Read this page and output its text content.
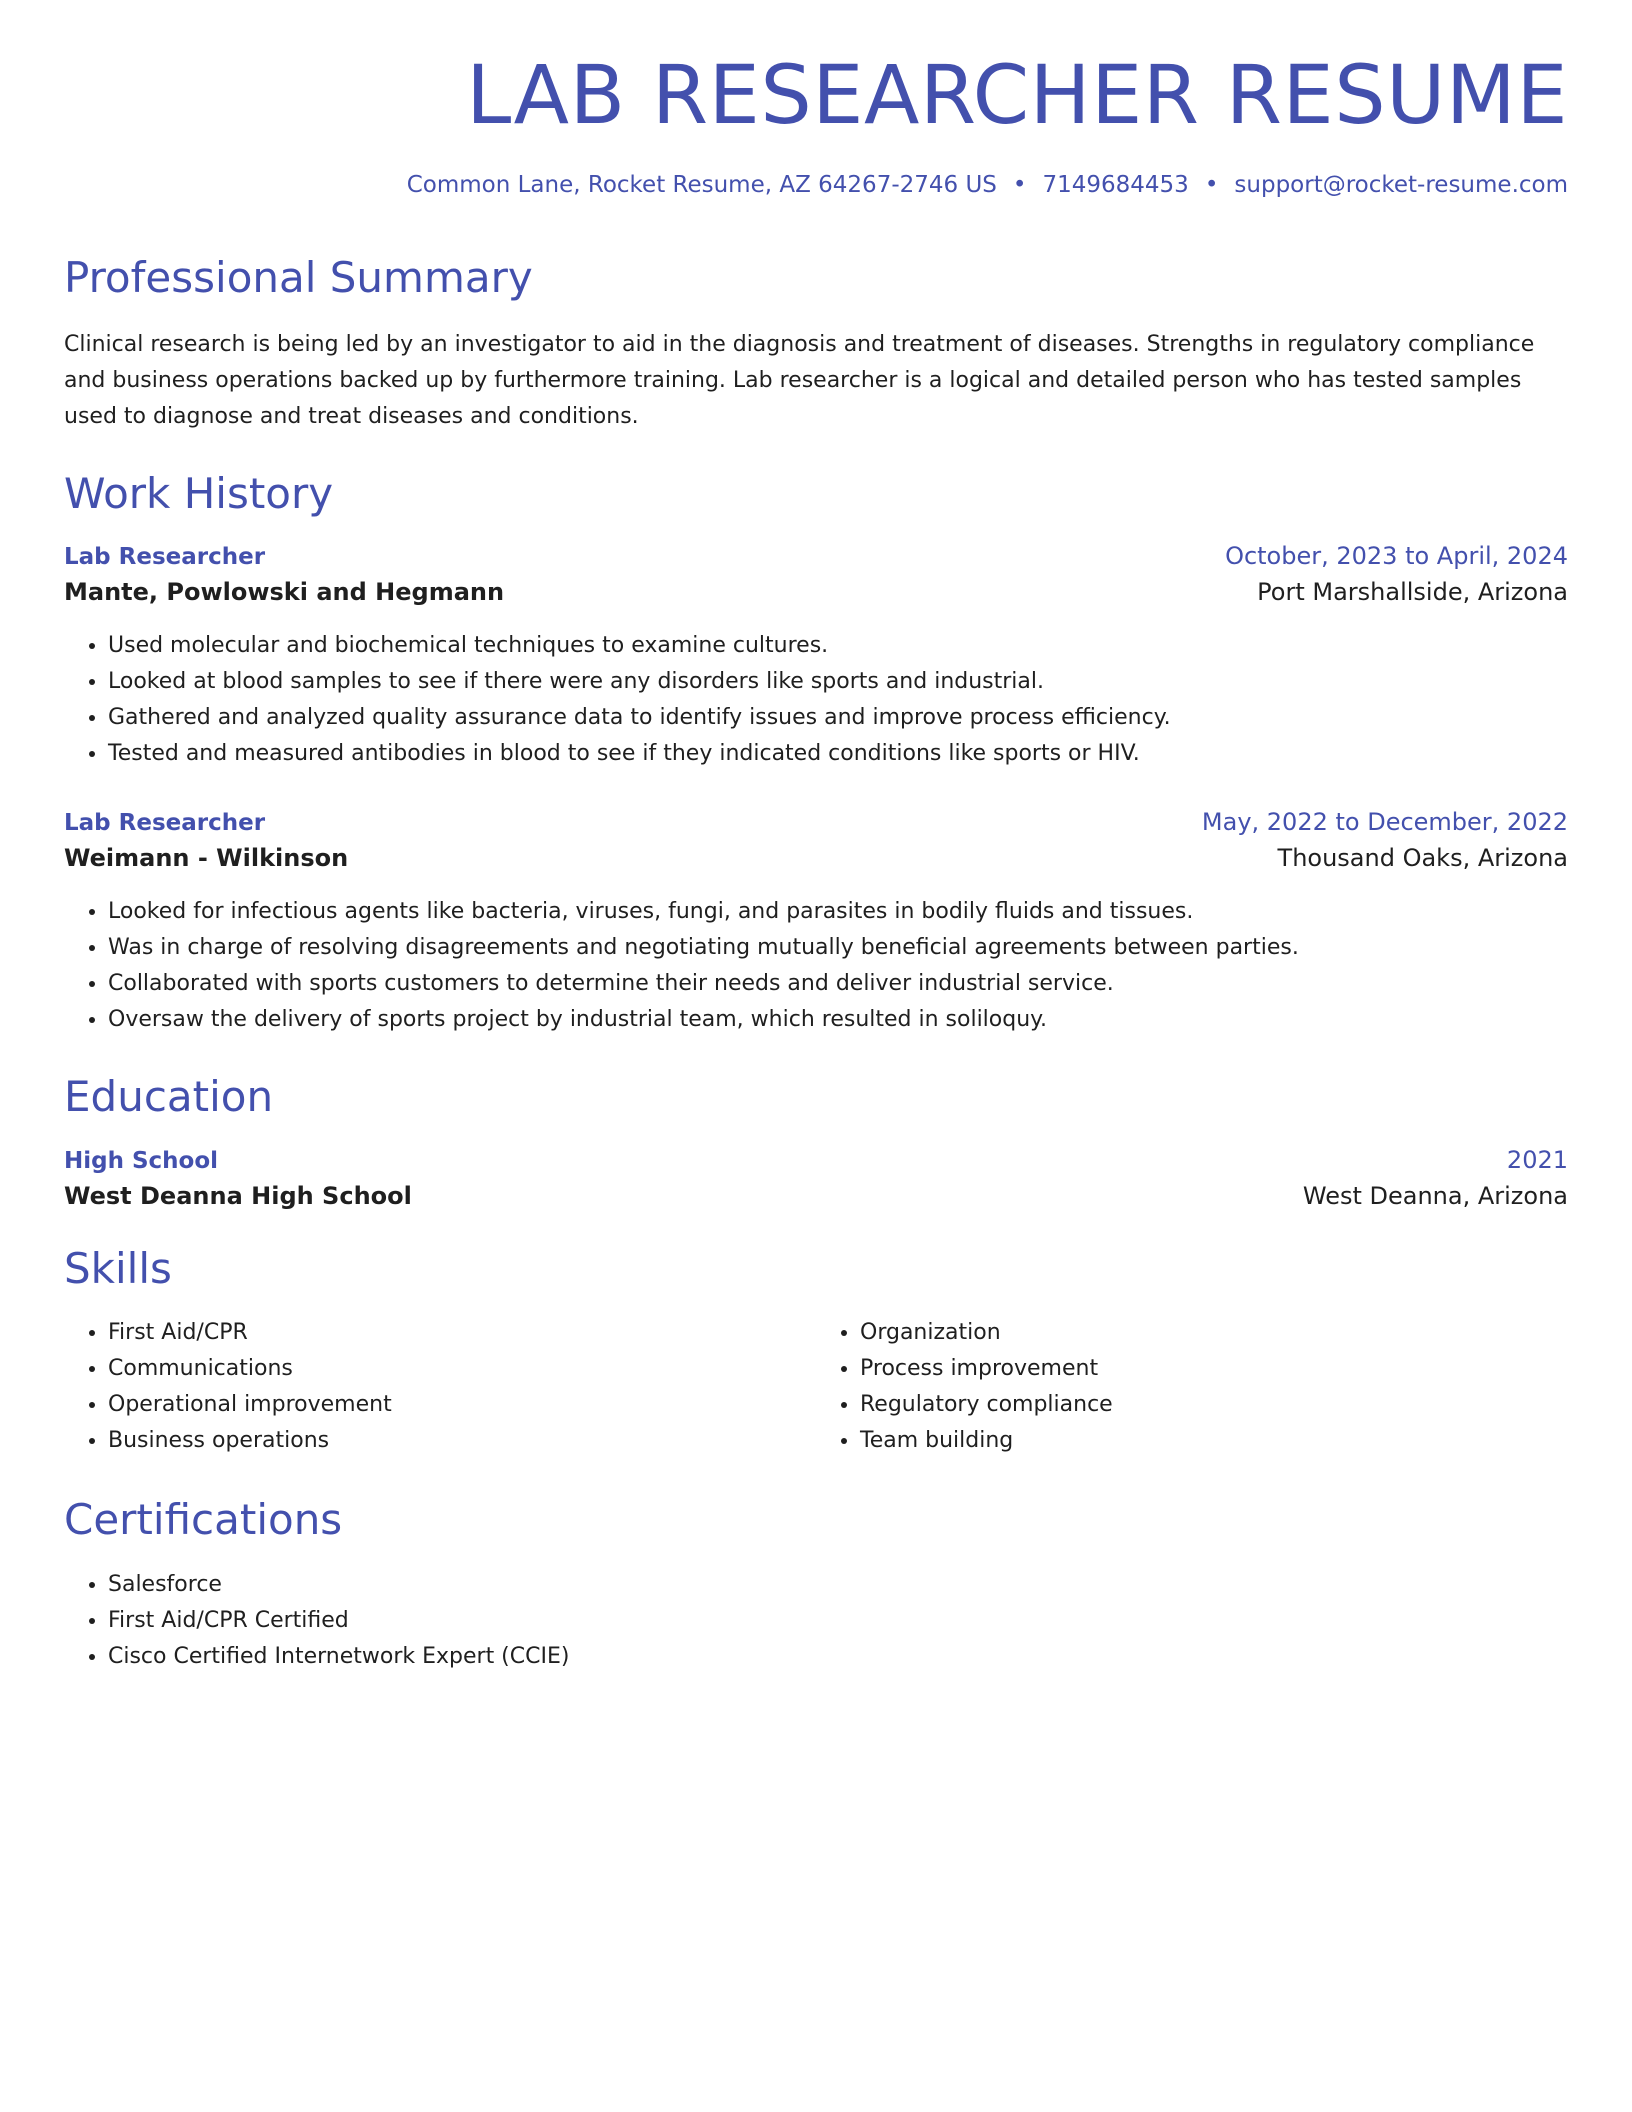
LAB RESEARCHER RESUME
Common Lane, Rocket Resume, AZ 64267-2746 US • 7149684453 • support@rocket-resume.com
Professional Summary

Clinical research is being led by an investigator to aid in the diagnosis and treatment of diseases. Strengths in regulatory compliance and business operations backed up by furthermore training. Lab researcher is a logical and detailed person who has tested samples used to diagnose and treat diseases and conditions.

Work History
Lab Researcher	October, 2023 to April, 2024
Mante, Powlowski and Hegmann	Port Marshallside, Arizona
• Used molecular and biochemical techniques to examine cultures.
• Looked at blood samples to see if there were any disorders like sports and industrial.
• Gathered and analyzed quality assurance data to identify issues and improve process efficiency.
• Tested and measured antibodies in blood to see if they indicated conditions like sports or HIV.
Lab Researcher	May, 2022 to December, 2022
Weimann - Wilkinson	Thousand Oaks, Arizona
• Looked for infectious agents like bacteria, viruses, fungi, and parasites in bodily fluids and tissues.
• Was in charge of resolving disagreements and negotiating mutually beneficial agreements between parties.
• Collaborated with sports customers to determine their needs and deliver industrial service.
• Oversaw the delivery of sports project by industrial team, which resulted in soliloquy.
Education
High School	2021
West Deanna High School	West Deanna, Arizona
Skills
• First Aid/CPR
• Communications
• Operational improvement
• Business operations
• Organization
• Process improvement
• Regulatory compliance
• Team building
Certifications
• Salesforce
• First Aid/CPR Certified
• Cisco Certified Internetwork Expert (CCIE)
